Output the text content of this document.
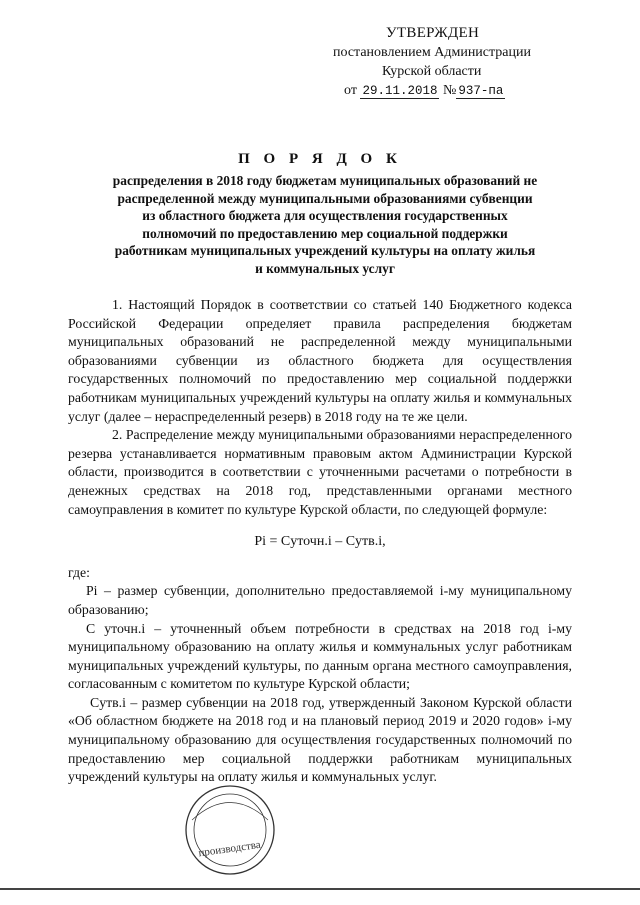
УТВЕРЖДЕН
постановлением Администрации
Курской области
от 29.11.2018 № 937-па
П О Р Я Д О К
распределения в 2018 году бюджетам муниципальных образований не
распределенной между муниципальными образованиями субвенции
из областного бюджета для осуществления государственных
полномочий по предоставлению мер социальной поддержки
работникам муниципальных учреждений культуры на оплату жилья
и коммунальных услуг
1. Настоящий Порядок в соответствии со статьей 140 Бюджетного кодекса Российской Федерации определяет правила распределения бюджетам муниципальных образований не распределенной между муниципальными образованиями субвенции из областного бюджета для осуществления государственных полномочий по предоставлению мер социальной поддержки работникам муниципальных учреждений культуры на оплату жилья и коммунальных услуг (далее – нераспределенный резерв) в 2018 году на те же цели.
2. Распределение между муниципальными образованиями нераспределенного резерва устанавливается нормативным правовым актом Администрации Курской области, производится в соответствии с уточненными расчетами о потребности в денежных средствах на 2018 год, представленными органами местного самоуправления в комитет по культуре Курской области, по следующей формуле:
Pi = Cуточн.i – Cутв.i,
где:
Pi – размер субвенции, дополнительно предоставляемой i-му муниципальному образованию;
С уточн.i – уточненный объем потребности в средствах на 2018 год i-му муниципальному образованию на оплату жилья и коммунальных услуг работникам муниципальных учреждений культуры, по данным органа местного самоуправления, согласованным с комитетом по культуре Курской области;
Cутв.i – размер субвенции на 2018 год, утвержденный Законом Курской области «Об областном бюджете на 2018 год и на плановый период 2019 и 2020 годов» i-му муниципальному образованию для осуществления государственных полномочий по предоставлению мер социальной поддержки работникам муниципальных учреждений культуры на оплату жилья и коммунальных услуг.
производства
